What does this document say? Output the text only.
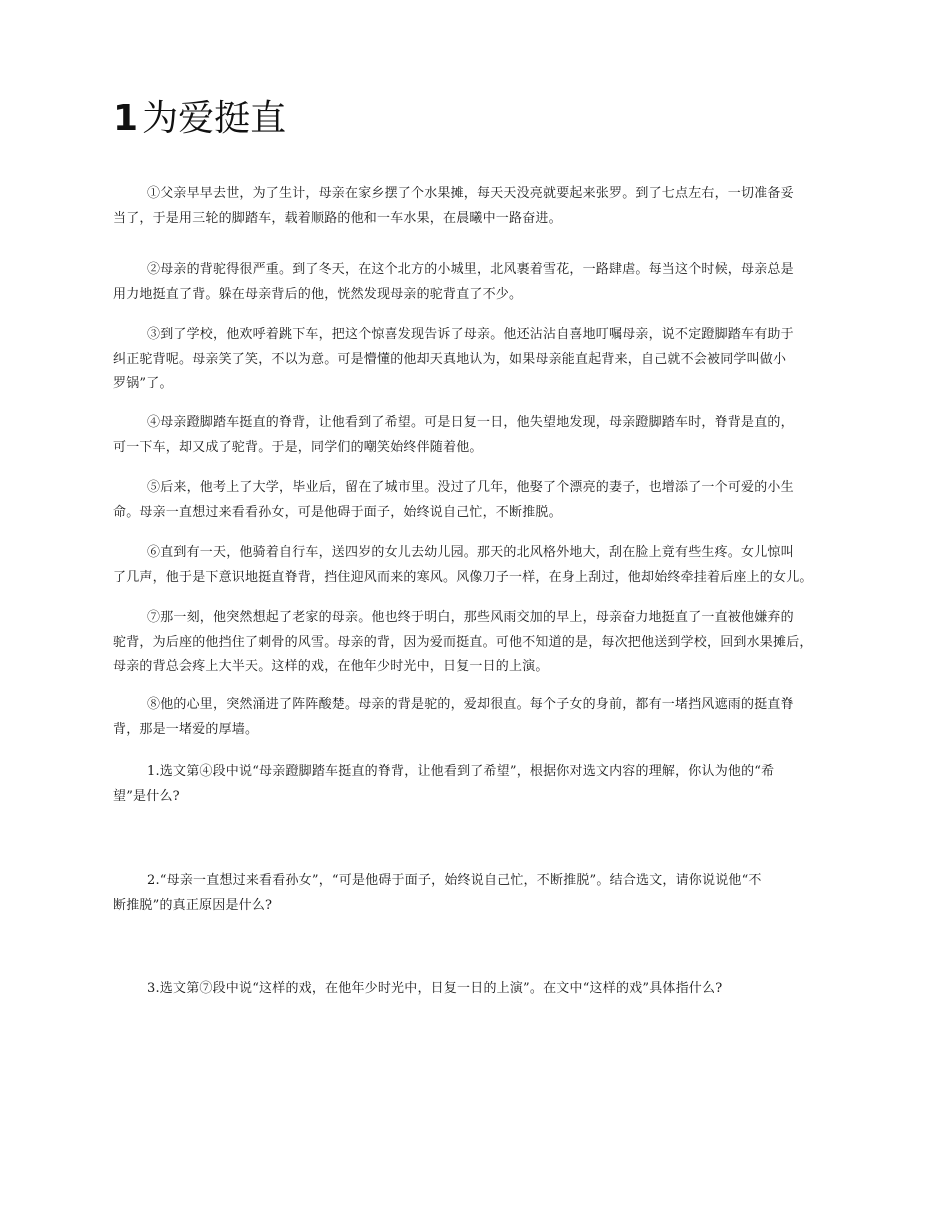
1 为爱挺直

①父亲早早去世，为了生计，母亲在家乡摆了个水果摊，每天天没亮就要起来张罗。到了七点左右，一切准备妥
当了，于是用三轮的脚踏车，载着顺路的他和一车水果，在晨曦中一路奋进。

②母亲的背驼得很严重。到了冬天，在这个北方的小城里，北风裹着雪花，一路肆虐。每当这个时候，母亲总是
用力地挺直了背。躲在母亲背后的他，恍然发现母亲的驼背直了不少。

③到了学校，他欢呼着跳下车，把这个惊喜发现告诉了母亲。他还沾沾自喜地叮嘱母亲，说不定蹬脚踏车有助于
纠正驼背呢。母亲笑了笑，不以为意。可是懵懂的他却天真地认为，如果母亲能直起背来，自己就不会被同学叫做小
罗锅”了。

④母亲蹬脚踏车挺直的脊背，让他看到了希望。可是日复一日，他失望地发现，母亲蹬脚踏车时，脊背是直的，
可一下车，却又成了驼背。于是，同学们的嘲笑始终伴随着他。

⑤后来，他考上了大学，毕业后，留在了城市里。没过了几年，他娶了个漂亮的妻子，也增添了一个可爱的小生
命。母亲一直想过来看看孙女，可是他碍于面子，始终说自己忙，不断推脱。

⑥直到有一天，他骑着自行车，送四岁的女儿去幼儿园。那天的北风格外地大，刮在脸上竟有些生疼。女儿惊叫
了几声，他于是下意识地挺直脊背，挡住迎风而来的寒风。风像刀子一样，在身上刮过，他却始终牵挂着后座上的女儿。

⑦那一刻，他突然想起了老家的母亲。他也终于明白，那些风雨交加的早上，母亲奋力地挺直了一直被他嫌弃的
驼背，为后座的他挡住了刺骨的风雪。母亲的背，因为爱而挺直。可他不知道的是，每次把他送到学校，回到水果摊后，
母亲的背总会疼上大半天。这样的戏，在他年少时光中，日复一日的上演。

⑧他的心里，突然涌进了阵阵酸楚。母亲的背是驼的，爱却很直。每个子女的身前，都有一堵挡风遮雨的挺直脊
背，那是一堵爱的厚墙。

1.选文第④段中说“母亲蹬脚踏车挺直的脊背，让他看到了希望”，根据你对选文内容的理解，你认为他的“希
望”是什么?

2.“母亲一直想过来看看孙女”，“可是他碍于面子，始终说自己忙，不断推脱”。结合选文，请你说说他“不
断推脱”的真正原因是什么?

3.选文第⑦段中说“这样的戏，在他年少时光中，日复一日的上演”。在文中“这样的戏”具体指什么?
